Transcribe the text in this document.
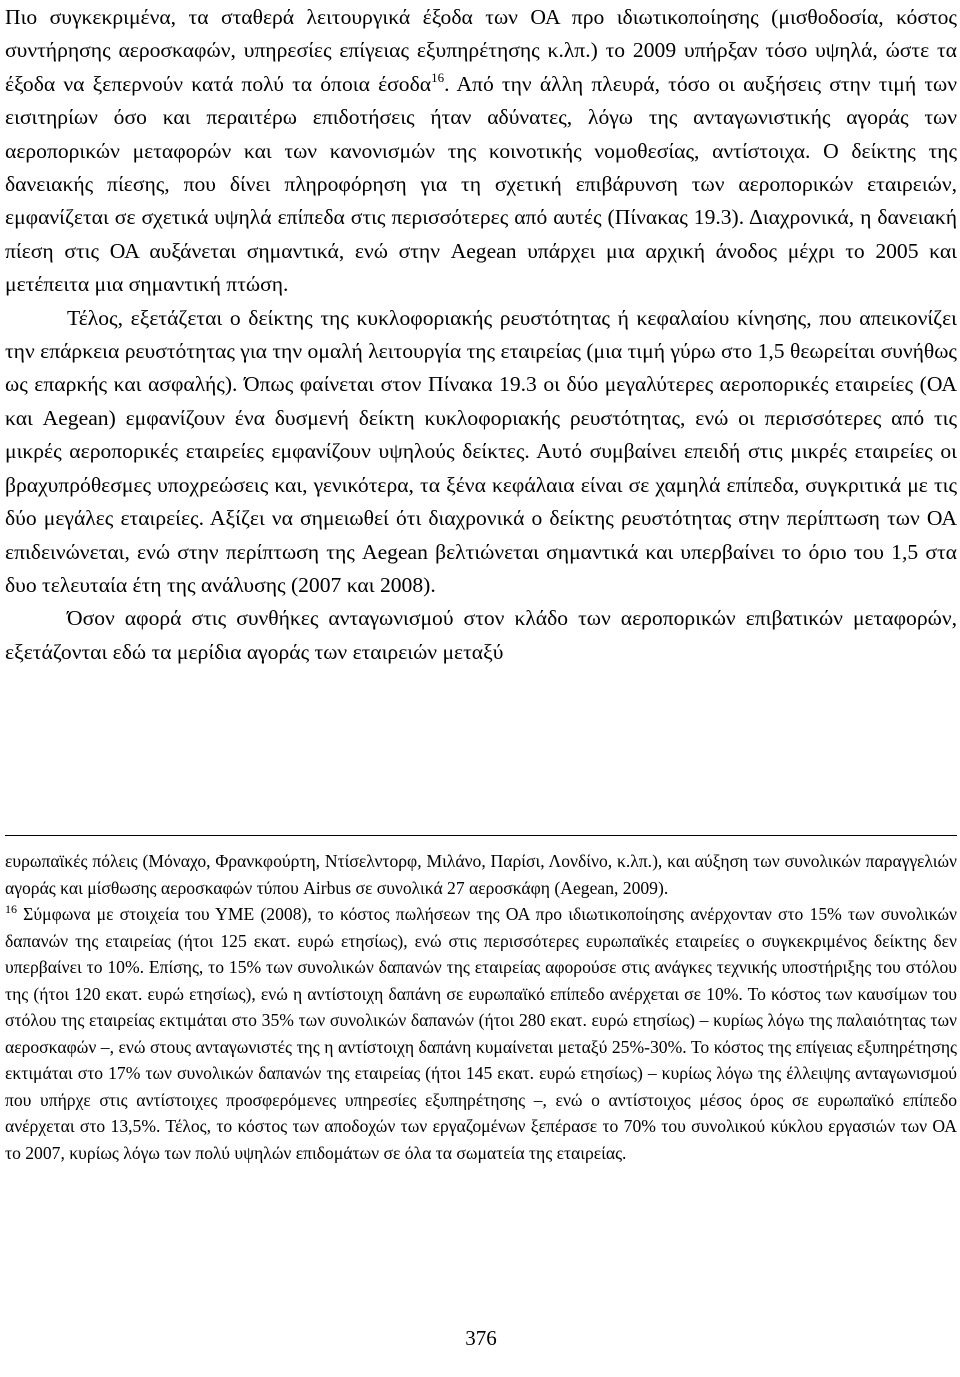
Πιο συγκεκριμένα, τα σταθερά λειτουργικά έξοδα των ΟΑ προ ιδιωτικοποίησης (μισθοδοσία, κόστος συντήρησης αεροσκαφών, υπηρεσίες επίγειας εξυπηρέτησης κ.λπ.) το 2009 υπήρξαν τόσο υψηλά, ώστε τα έξοδα να ξεπερνούν κατά πολύ τα όποια έσοδα$^{16}$. Από την άλλη πλευρά, τόσο οι αυξήσεις στην τιμή των εισιτηρίων όσο και περαιτέρω επιδοτήσεις ήταν αδύνατες, λόγω της ανταγωνιστικής αγοράς των αεροπορικών μεταφορών και των κανονισμών της κοινοτικής νομοθεσίας, αντίστοιχα. Ο δείκτης της δανειακής πίεσης, που δίνει πληροφόρηση για τη σχετική επιβάρυνση των αεροπορικών εταιρειών, εμφανίζεται σε σχετικά υψηλά επίπεδα στις περισσότερες από αυτές (Πίνακας 19.3). Διαχρονικά, η δανειακή πίεση στις ΟΑ αυξάνεται σημαντικά, ενώ στην Aegean υπάρχει μια αρχική άνοδος μέχρι το 2005 και μετέπειτα μια σημαντική πτώση.

Τέλος, εξετάζεται ο δείκτης της κυκλοφοριακής ρευστότητας ή κεφαλαίου κίνησης, που απεικονίζει την επάρκεια ρευστότητας για την ομαλή λειτουργία της εταιρείας (μια τιμή γύρω στο 1,5 θεωρείται συνήθως ως επαρκής και ασφαλής). Όπως φαίνεται στον Πίνακα 19.3 οι δύο μεγαλύτερες αεροπορικές εταιρείες (ΟΑ και Aegean) εμφανίζουν ένα δυσμενή δείκτη κυκλοφοριακής ρευστότητας, ενώ οι περισσότερες από τις μικρές αεροπορικές εταιρείες εμφανίζουν υψηλούς δείκτες. Αυτό συμβαίνει επειδή στις μικρές εταιρείες οι βραχυπρόθεσμες υποχρεώσεις και, γενικότερα, τα ξένα κεφάλαια είναι σε χαμηλά επίπεδα, συγκριτικά με τις δύο μεγάλες εταιρείες. Αξίζει να σημειωθεί ότι διαχρονικά ο δείκτης ρευστότητας στην περίπτωση των ΟΑ επιδεινώνεται, ενώ στην περίπτωση της Aegean βελτιώνεται σημαντικά και υπερβαίνει το όριο του 1,5 στα δυο τελευταία έτη της ανάλυσης (2007 και 2008).

Όσον αφορά στις συνθήκες ανταγωνισμού στον κλάδο των αεροπορικών επιβατικών μεταφορών, εξετάζονται εδώ τα μερίδια αγοράς των εταιρειών μεταξύ

ευρωπαϊκές πόλεις (Μόναχο, Φρανκφούρτη, Ντίσελντορφ, Μιλάνο, Παρίσι, Λονδίνο, κ.λπ.), και αύξηση των συνολικών παραγγελιών αγοράς και μίσθωσης αεροσκαφών τύπου Airbus σε συνολικά 27 αεροσκάφη (Aegean, 2009).

$^{16}$ Σύμφωνα με στοιχεία του ΥΜΕ (2008), το κόστος πωλήσεων της ΟΑ προ ιδιωτικοποίησης ανέρχονταν στο 15% των συνολικών δαπανών της εταιρείας (ήτοι 125 εκατ. ευρώ ετησίως), ενώ στις περισσότερες ευρωπαϊκές εταιρείες ο συγκεκριμένος δείκτης δεν υπερβαίνει το 10%. Επίσης, το 15% των συνολικών δαπανών της εταιρείας αφορούσε στις ανάγκες τεχνικής υποστήριξης του στόλου της (ήτοι 120 εκατ. ευρώ ετησίως), ενώ η αντίστοιχη δαπάνη σε ευρωπαϊκό επίπεδο ανέρχεται σε 10%. Το κόστος των καυσίμων του στόλου της εταιρείας εκτιμάται στο 35% των συνολικών δαπανών (ήτοι 280 εκατ. ευρώ ετησίως) – κυρίως λόγω της παλαιότητας των αεροσκαφών –, ενώ στους ανταγωνιστές της η αντίστοιχη δαπάνη κυμαίνεται μεταξύ 25%-30%. Το κόστος της επίγειας εξυπηρέτησης εκτιμάται στο 17% των συνολικών δαπανών της εταιρείας (ήτοι 145 εκατ. ευρώ ετησίως) – κυρίως λόγω της έλλειψης ανταγωνισμού που υπήρχε στις αντίστοιχες προσφερόμενες υπηρεσίες εξυπηρέτησης –, ενώ ο αντίστοιχος μέσος όρος σε ευρωπαϊκό επίπεδο ανέρχεται στο 13,5%. Τέλος, το κόστος των αποδοχών των εργαζομένων ξεπέρασε το 70% του συνολικού κύκλου εργασιών των ΟΑ το 2007, κυρίως λόγω των πολύ υψηλών επιδομάτων σε όλα τα σωματεία της εταιρείας.

376
